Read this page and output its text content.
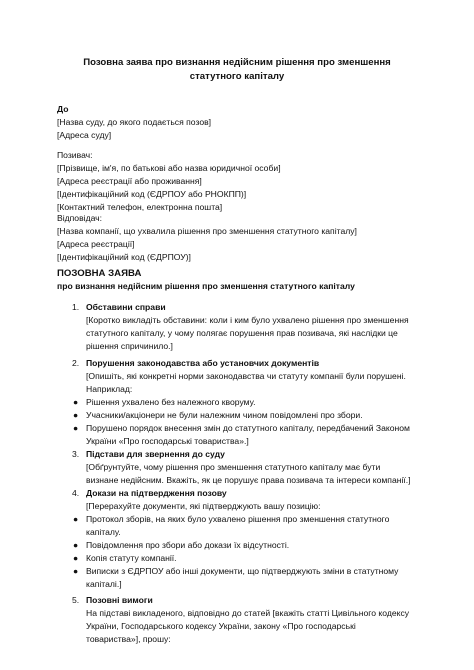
Позовна заява про визнання недійсним рішення про зменшення
статутного капіталу
До
[Назва суду, до якого подається позов]
[Адреса суду]
Позивач:
[Прізвище, ім'я, по батькові або назва юридичної особи]
[Адреса реєстрації або проживання]
[Ідентифікаційний код (ЄДРПОУ або РНОКПП)]
[Контактний телефон, електронна пошта]
Відповідач:
[Назва компанії, що ухвалила рішення про зменшення статутного капіталу]
[Адреса реєстрації]
[Ідентифікаційний код (ЄДРПОУ)]
ПОЗОВНА ЗАЯВА
про визнання недійсним рішення про зменшення статутного капіталу
1. Обставини справи
[Коротко викладіть обставини: коли і ким було ухвалено рішення про зменшення
статутного капіталу, у чому полягає порушення прав позивача, які наслідки це
рішення спричинило.]
2. Порушення законодавства або установчих документів
[Опишіть, які конкретні норми законодавства чи статуту компанії були порушені.
Наприклад:
● Рішення ухвалено без належного кворуму.
● Учасники/акціонери не були належним чином повідомлені про збори.
● Порушено порядок внесення змін до статутного капіталу, передбачений Законом
України «Про господарські товариства».]
3. Підстави для звернення до суду
[Обґрунтуйте, чому рішення про зменшення статутного капіталу має бути
визнане недійсним. Вкажіть, як це порушує права позивача та інтереси компанії.]
4. Докази на підтвердження позову
[Перерахуйте документи, які підтверджують вашу позицію:
● Протокол зборів, на яких було ухвалено рішення про зменшення статутного
капіталу.
● Повідомлення про збори або докази їх відсутності.
● Копія статуту компанії.
● Виписки з ЄДРПОУ або інші документи, що підтверджують зміни в статутному
капіталі.]
5. Позовні вимоги
На підставі викладеного, відповідно до статей [вкажіть статті Цивільного кодексу
України, Господарського кодексу України, закону «Про господарські
товариства»], прошу:
